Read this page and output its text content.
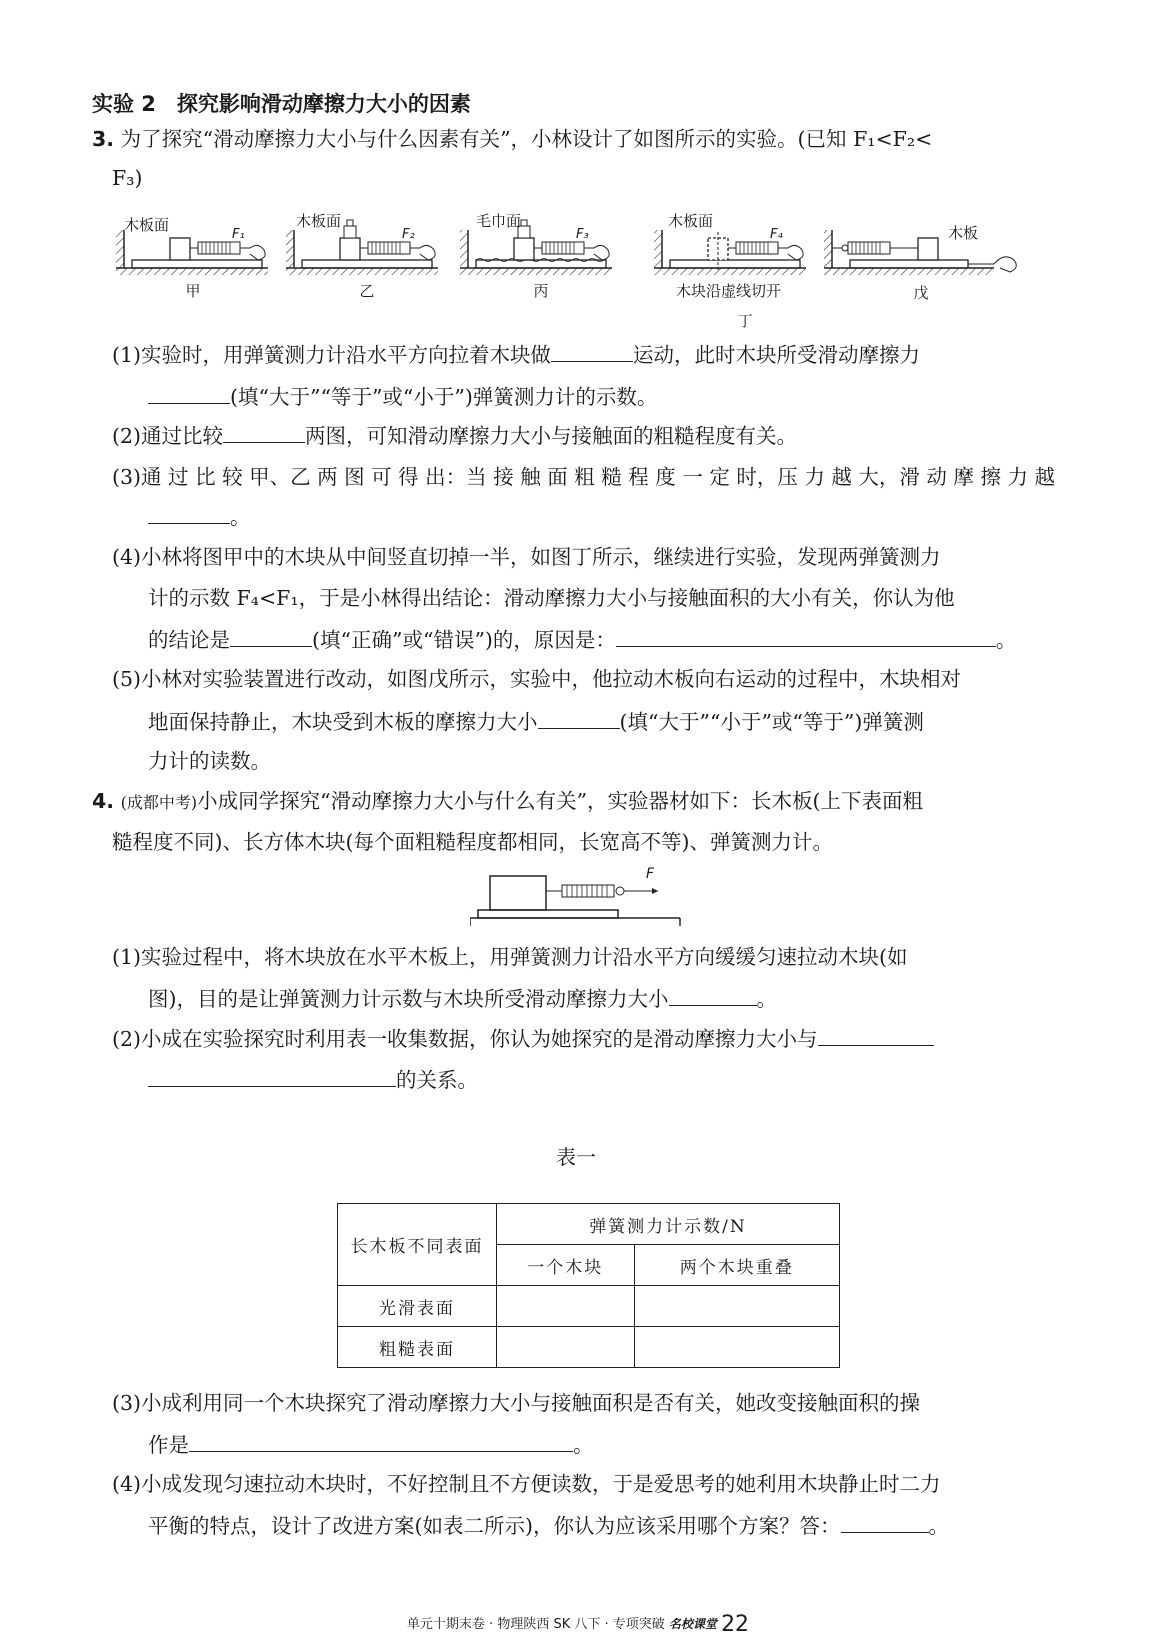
实验 2　探究影响滑动摩擦力大小的因素
3. 为了探究“滑动摩擦力大小与什么因素有关”，小林设计了如图所示的实验。(已知 F₁<F₂<
F₃)
木板面
F₁
甲
木板面
F₂
乙
毛巾面
F₃
丙
木板面
F₄
木块沿虚线切开
丁
木板
戊
(1)实验时，用弹簧测力计沿水平方向拉着木块做	运动，此时木块所受滑动摩擦力
(填“大于”“等于”或“小于”)弹簧测力计的示数。
(2)通过比较	两图，可知滑动摩擦力大小与接触面的粗糙程度有关。
(3)通 过 比 较 甲、乙 两 图 可 得 出：当 接 触 面 粗 糙 程 度 一 定 时，压 力 越 大，滑 动 摩 擦 力 越
。
(4)小林将图甲中的木块从中间竖直切掉一半，如图丁所示，继续进行实验，发现两弹簧测力
计的示数 F₄<F₁，于是小林得出结论：滑动摩擦力大小与接触面积的大小有关，你认为他
的结论是	(填“正确”或“错误”)的，原因是：	。
(5)小林对实验装置进行改动，如图戊所示，实验中，他拉动木板向右运动的过程中，木块相对
地面保持静止，木块受到木板的摩擦力大小	(填“大于”“小于”或“等于”)弹簧测
力计的读数。
4. (成都中考)小成同学探究“滑动摩擦力大小与什么有关”，实验器材如下：长木板(上下表面粗
糙程度不同)、长方体木块(每个面粗糙程度都相同，长宽高不等)、弹簧测力计。
F
(1)实验过程中，将木块放在水平木板上，用弹簧测力计沿水平方向缓缓匀速拉动木块(如
图)，目的是让弹簧测力计示数与木块所受滑动摩擦力大小	。
(2)小成在实验探究时利用表一收集数据，你认为她探究的是滑动摩擦力大小与
的关系。
表一
长木板不同表面	弹簧测力计示数/N	
	一个木块	两个木块重叠
光滑表面		
粗糙表面		
(3)小成利用同一个木块探究了滑动摩擦力大小与接触面积是否有关，她改变接触面积的操
作是	。
(4)小成发现匀速拉动木块时，不好控制且不方便读数，于是爱思考的她利用木块静止时二力
平衡的特点，设计了改进方案(如表二所示)，你认为应该采用哪个方案？答：	。
单元十期末卷 · 物理陕西 SK 八下 · 专项突破 名校课堂 22
